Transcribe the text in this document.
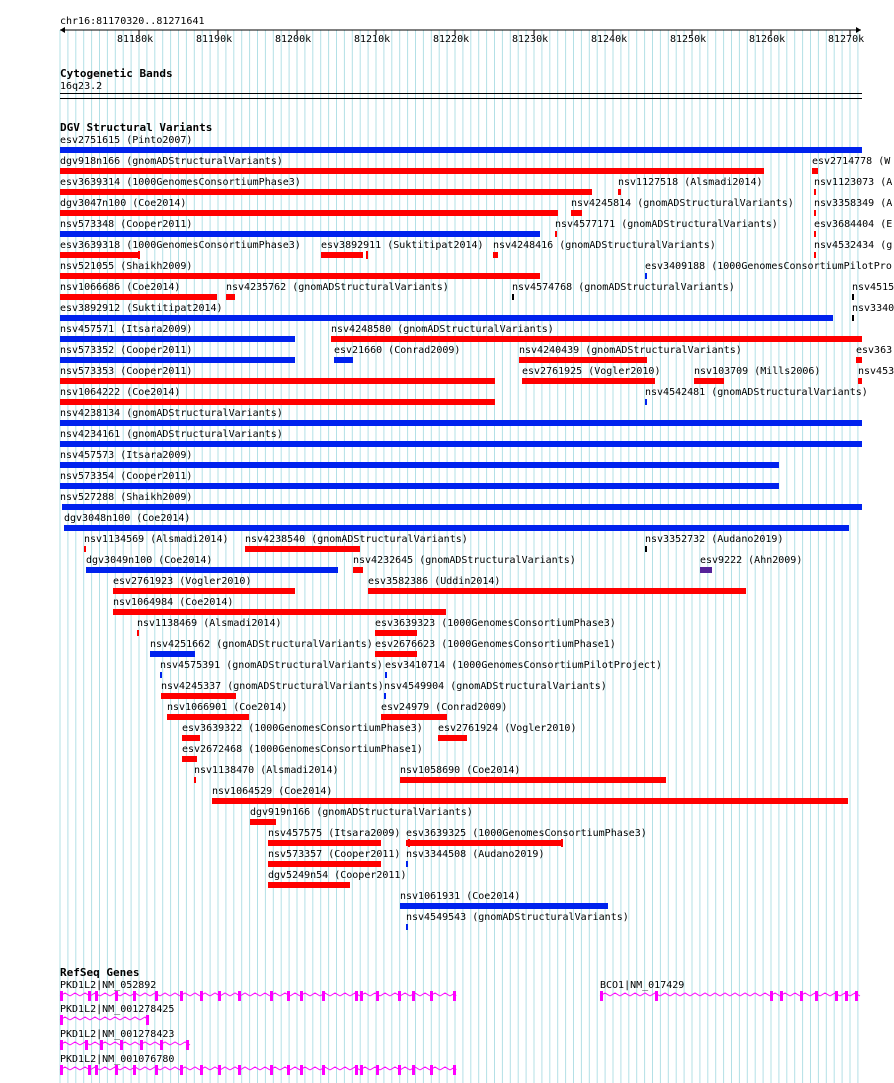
chr16:81170320..81271641
81180k	81190k	81200k	81210k	81220k	81230k	81240k	81250k	81260k	81270k
Cytogenetic Bands
16q23.2
DGV Structural Variants
esv2751615 (Pinto2007)
dgv918n166 (gnomADStructuralVariants)	esv2714778 (W
esv3639314 (1000GenomesConsortiumPhase3)	nsv1127518 (Alsmadi2014)	nsv1123073 (A
dgv3047n100 (Coe2014)	nsv4245814 (gnomADStructuralVariants) nsv3358349 (A
nsv573348 (Cooper2011)	nsv4577171 (gnomADStructuralVariants)	esv3684404 (E
esv3639318 (1000GenomesConsortiumPhase3) esv3892911 (Suktitipat2014) nsv4248416 (gnomADStructuralVariants)	nsv4532434 (g
nsv521055 (Shaikh2009)	esv3409188 (1000GenomesConsortiumPilotPro
nsv1066686 (Coe2014)	nsv4235762 (gnomADStructuralVariants)	nsv4574768 (gnomADStructuralVariants)	nsv4515
esv3892912 (Suktitipat2014)	nsv3340
nsv457571 (Itsara2009)	nsv4248580 (gnomADStructuralVariants)
nsv573352 (Cooper2011)	esv21660 (Conrad2009)	nsv4240439 (gnomADStructuralVariants)	esv363
nsv573353 (Cooper2011)	esv2761925 (Vogler2010)	nsv103709 (Mills2006)	nsv453
nsv1064222 (Coe2014)	nsv4542481 (gnomADStructuralVariants)
nsv4238134 (gnomADStructuralVariants)
nsv4234161 (gnomADStructuralVariants)
nsv457573 (Itsara2009)
nsv573354 (Cooper2011)
nsv527288 (Shaikh2009)
dgv3048n100 (Coe2014)
nsv1134569 (Alsmadi2014) nsv4238540 (gnomADStructuralVariants)	nsv3352732 (Audano2019)
dgv3049n100 (Coe2014)	nsv4232645 (gnomADStructuralVariants)	esv9222 (Ahn2009)
esv2761923 (Vogler2010)	esv3582386 (Uddin2014)
nsv1064984 (Coe2014)
nsv1138469 (Alsmadi2014)	esv3639323 (1000GenomesConsortiumPhase3)
nsv4251662 (gnomADStructuralVariants) esv2676623 (1000GenomesConsortiumPhase1)
nsv4575391 (gnomADStructuralVariants) esv3410714 (1000GenomesConsortiumPilotProject)
nsv4245337 (gnomADStructuralVariants) nsv4549904 (gnomADStructuralVariants)
nsv1066901 (Coe2014)	esv24979 (Conrad2009)
esv3639322 (1000GenomesConsortiumPhase3) esv2761924 (Vogler2010)
esv2672468 (1000GenomesConsortiumPhase1)
nsv1138470 (Alsmadi2014)	nsv1058690 (Coe2014)
nsv1064529 (Coe2014)
dgv919n166 (gnomADStructuralVariants)
nsv457575 (Itsara2009) esv3639325 (1000GenomesConsortiumPhase3)
nsv573357 (Cooper2011) nsv3344508 (Audano2019)
dgv5249n54 (Cooper2011)
nsv1061931 (Coe2014)
nsv4549543 (gnomADStructuralVariants)
RefSeq Genes
PKD1L2|NM_052892	BCO1|NM_017429
PKD1L2|NM_001278425
PKD1L2|NM_001278423
PKD1L2|NM_001076780
